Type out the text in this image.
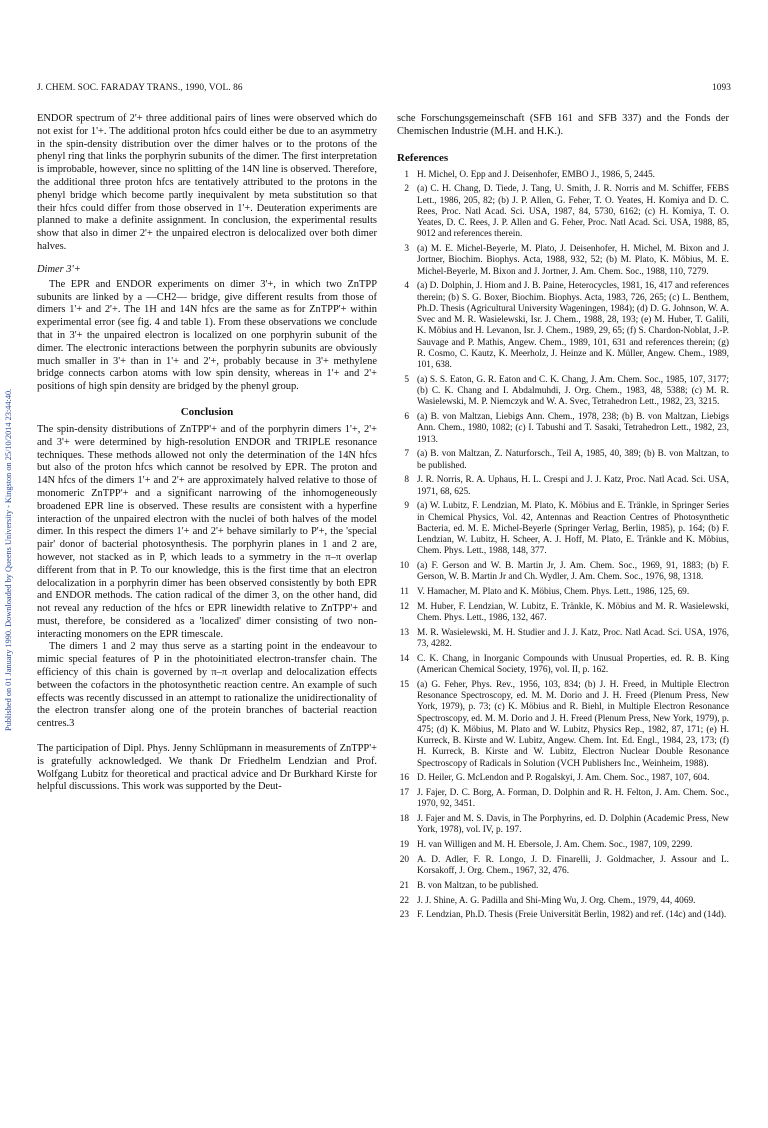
J. CHEM. SOC. FARADAY TRANS., 1990, VOL. 86	1093
Published on 01 January 1990. Downloaded by Queens University - Kingston on 25/10/2014 23:44:40.

ENDOR spectrum of 2'+ three additional pairs of lines were observed which do not exist for 1'+. The additional proton hfcs could either be due to an asymmetry in the spin-density distribution over the dimer halves or to the protons of the phenyl ring that links the porphyrin subunits of the dimer. The first interpretation is improbable, however, since no splitting of the 14N line is observed. Therefore, the additional three proton hfcs are tentatively attributed to the protons in the phenyl bridge which become partly inequivalent by meta substitution so that their hfcs could differ from those observed in 1'+. Deuteration experiments are planned to make a definite assignment. In conclusion, the experimental results show that also in dimer 2'+ the unpaired electron is delocalized over both dimer halves.

Dimer 3'+

The EPR and ENDOR experiments on dimer 3'+, in which two ZnTPP subunits are linked by a —CH2— bridge, give different results from those of dimers 1'+ and 2'+. The 1H and 14N hfcs are the same as for ZnTPP'+ within experimental error (see fig. 4 and table 1). From these observations we conclude that in 3'+ the unpaired electron is localized on one porphyrin subunit of the dimer. The electronic interactions between the porphyrin subunits are obviously much smaller in 3'+ than in 1'+ and 2'+, probably because in 3'+ methylene bridge connects carbon atoms with low spin density, whereas in 1'+ and 2'+ positions of high spin density are bridged by the phenyl group.

Conclusion

The spin-density distributions of ZnTPP'+ and of the porphyrin dimers 1'+, 2'+ and 3'+ were determined by high-resolution ENDOR and TRIPLE resonance techniques. These methods allowed not only the determination of the 14N hfcs but also of the proton hfcs which cannot be resolved by EPR. The proton and 14N hfcs of the dimers 1'+ and 2'+ are approximately halved relative to those of monomeric ZnTPP'+ and a significant narrowing of the inhomogeneously broadened EPR line is observed. These results are consistent with a hyperfine interaction of the unpaired electron with the nuclei of both halves of the model dimer. In this respect the dimers 1'+ and 2'+ behave similarly to P'+, the 'special pair' donor of bacterial photosynthesis. The porphyrin planes in 1 and 2 are, however, not stacked as in P, which leads to a symmetry in the π–π overlap different from that in P. To our knowledge, this is the first time that an electron delocalization in a porphyrin dimer has been observed consistently by both EPR and ENDOR methods. The cation radical of the dimer 3, on the other hand, did not reveal any reduction of the hfcs or EPR linewidth relative to ZnTPP'+ and must, therefore, be considered as a 'localized' dimer consisting of two non-interacting monomers on the EPR timescale.

The dimers 1 and 2 may thus serve as a starting point in the endeavour to mimic special features of P in the photoinitiated electron-transfer chain. The efficiency of this chain is governed by π–π overlap and delocalization effects between the cofactors in the photosynthetic reaction centre. An example of such effects was recently discussed in an attempt to rationalize the unidirectionality of the electron transfer along one of the protein branches of bacterial reaction centres.3

The participation of Dipl. Phys. Jenny Schlüpmann in measurements of ZnTPP'+ is gratefully acknowledged. We thank Dr Friedhelm Lendzian and Prof. Wolfgang Lubitz for theoretical and practical advice and Dr Burkhard Kirste for helpful discussions. This work was supported by the Deut-

sche Forschungsgemeinschaft (SFB 161 and SFB 337) and the Fonds der Chemischen Industrie (M.H. and H.K.).

References
1 H. Michel, O. Epp and J. Deisenhofer, EMBO J., 1986, 5, 2445.
2 (a) C. H. Chang, D. Tiede, J. Tang, U. Smith, J. R. Norris and M. Schiffer, FEBS Lett., 1986, 205, 82; (b) J. P. Allen, G. Feher, T. O. Yeates, H. Komiya and D. C. Rees, Proc. Natl Acad. Sci. USA, 1987, 84, 5730, 6162; (c) H. Komiya, T. O. Yeates, D. C. Rees, J. P. Allen and G. Feher, Proc. Natl Acad. Sci. USA, 1988, 85, 9012 and references therein.
3 (a) M. E. Michel-Beyerle, M. Plato, J. Deisenhofer, H. Michel, M. Bixon and J. Jortner, Biochim. Biophys. Acta, 1988, 932, 52; (b) M. Plato, K. Möbius, M. E. Michel-Beyerle, M. Bixon and J. Jortner, J. Am. Chem. Soc., 1988, 110, 7279.
4 (a) D. Dolphin, J. Hiom and J. B. Paine, Heterocycles, 1981, 16, 417 and references therein; (b) S. G. Boxer, Biochim. Biophys. Acta, 1983, 726, 265; (c) L. Benthem, Ph.D. Thesis (Agricultural University Wageningen, 1984); (d) D. G. Johnson, W. A. Svec and M. R. Wasielewski, Isr. J. Chem., 1988, 28, 193; (e) M. Huber, T. Galili, K. Möbius and H. Levanon, Isr. J. Chem., 1989, 29, 65; (f) S. Chardon-Noblat, J.-P. Sauvage and P. Mathis, Angew. Chem., 1989, 101, 631 and references therein; (g) R. Cosmo, C. Kautz, K. Meerholz, J. Heinze and K. Müller, Angew. Chem., 1989, 101, 638.
5 (a) S. S. Eaton, G. R. Eaton and C. K. Chang, J. Am. Chem. Soc., 1985, 107, 3177; (b) C. K. Chang and I. Abdalmuhdi, J. Org. Chem., 1983, 48, 5388; (c) M. R. Wasielewski, M. P. Niemczyk and W. A. Svec, Tetrahedron Lett., 1982, 23, 3215.
6 (a) B. von Maltzan, Liebigs Ann. Chem., 1978, 238; (b) B. von Maltzan, Liebigs Ann. Chem., 1980, 1082; (c) I. Tabushi and T. Sasaki, Tetrahedron Lett., 1982, 23, 1913.
7 (a) B. von Maltzan, Z. Naturforsch., Teil A, 1985, 40, 389; (b) B. von Maltzan, to be published.
8 J. R. Norris, R. A. Uphaus, H. L. Crespi and J. J. Katz, Proc. Natl Acad. Sci. USA, 1971, 68, 625.
9 (a) W. Lubitz, F. Lendzian, M. Plato, K. Möbius and E. Tränkle, in Springer Series in Chemical Physics, Vol. 42, Antennas and Reaction Centres of Photosynthetic Bacteria, ed. M. E. Michel-Beyerle (Springer Verlag, Berlin, 1985), p. 164; (b) F. Lendzian, W. Lubitz, H. Scheer, A. J. Hoff, M. Plato, E. Tränkle and K. Möbius, Chem. Phys. Lett., 1988, 148, 377.
10 (a) F. Gerson and W. B. Martin Jr, J. Am. Chem. Soc., 1969, 91, 1883; (b) F. Gerson, W. B. Martin Jr and Ch. Wydler, J. Am. Chem. Soc., 1976, 98, 1318.
11 V. Hamacher, M. Plato and K. Möbius, Chem. Phys. Lett., 1986, 125, 69.
12 M. Huber, F. Lendzian, W. Lubitz, E. Tränkle, K. Möbius and M. R. Wasielewski, Chem. Phys. Lett., 1986, 132, 467.
13 M. R. Wasielewski, M. H. Studier and J. J. Katz, Proc. Natl Acad. Sci. USA, 1976, 73, 4282.
14 C. K. Chang, in Inorganic Compounds with Unusual Properties, ed. R. B. King (American Chemical Society, 1976), vol. II, p. 162.
15 (a) G. Feher, Phys. Rev., 1956, 103, 834; (b) J. H. Freed, in Multiple Electron Resonance Spectroscopy, ed. M. M. Dorio and J. H. Freed (Plenum Press, New York, 1979), p. 73; (c) K. Möbius and R. Biehl, in Multiple Electron Resonance Spectroscopy, ed. M. M. Dorio and J. H. Freed (Plenum Press, New York, 1979), p. 475; (d) K. Möbius, M. Plato and W. Lubitz, Physics Rep., 1982, 87, 171; (e) H. Kurreck, B. Kirste and W. Lubitz, Angew. Chem. Int. Ed. Engl., 1984, 23, 173; (f) H. Kurreck, B. Kirste and W. Lubitz, Electron Nuclear Double Resonance Spectroscopy of Radicals in Solution (VCH Publishers Inc., Weinheim, 1988).
16 D. Heiler, G. McLendon and P. Rogalskyi, J. Am. Chem. Soc., 1987, 107, 604.
17 J. Fajer, D. C. Borg, A. Forman, D. Dolphin and R. H. Felton, J. Am. Chem. Soc., 1970, 92, 3451.
18 J. Fajer and M. S. Davis, in The Porphyrins, ed. D. Dolphin (Academic Press, New York, 1978), vol. IV, p. 197.
19 H. van Willigen and M. H. Ebersole, J. Am. Chem. Soc., 1987, 109, 2299.
20 A. D. Adler, F. R. Longo, J. D. Finarelli, J. Goldmacher, J. Assour and L. Korsakoff, J. Org. Chem., 1967, 32, 476.
21 B. von Maltzan, to be published.
22 J. J. Shine, A. G. Padilla and Shi-Ming Wu, J. Org. Chem., 1979, 44, 4069.
23 F. Lendzian, Ph.D. Thesis (Freie Universität Berlin, 1982) and ref. (14c) and (14d).
